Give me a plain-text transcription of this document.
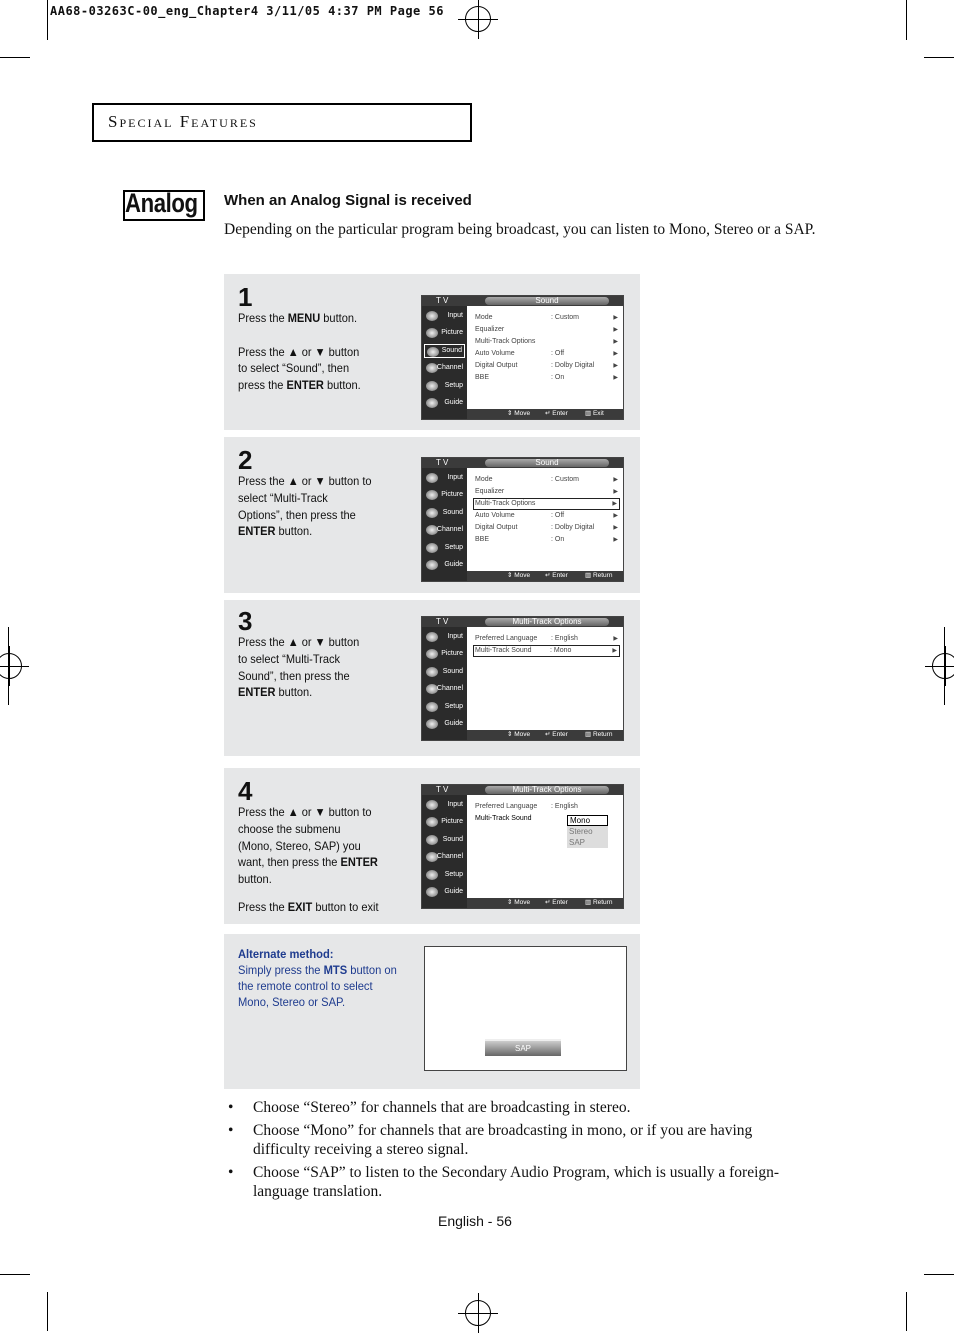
AA68-03263C-00_eng_Chapter4 3/11/05 4:37 PM Page 56
Special Features
Analog When an Analog Signal is received
Depending on the particular program being broadcast, you can listen to Mono, Stereo or a SAP.
1
Press the MENU button.

Press the ▲ or ▼ button
to select “Sound”, then
press the ENTER button.
T V	Sound
Input
Picture
Sound
Channel
Setup
Guide
Mode	: Custom	▶
Equalizer	▶
Multi-Track Options	▶
Auto Volume	: Off	▶
Digital Output	: Dolby Digital	▶
BBE	: On	▶
⇕ Move ↵ Enter	▥ Exit
2
Press the ▲ or ▼ button to
select “Multi-Track
Options”, then press the
ENTER button.
T V	Sound
Input
Picture
Sound
Channel
Setup
Guide
Mode	: Custom	▶
Equalizer	▶
Multi-Track Options	▶
Auto Volume	: Off	▶
Digital Output	: Dolby Digital	▶
BBE	: On	▶
⇕ Move ↵ Enter	▥ Return
3
Press the ▲ or ▼ button
to select “Multi-Track
Sound”, then press the
ENTER button.
T V	Multi-Track Options
Input
Picture
Sound
Channel
Setup
Guide
Preferred Language : English	▶
Multi-Track Sound	: Mono	▶
⇕ Move ↵ Enter	▥ Return
4
Press the ▲ or ▼ button to
choose the submenu
(Mono, Stereo, SAP) you
want, then press the ENTER
button.
Press the EXIT button to exit
T V	Multi-Track Options
Input
Picture
Sound
Channel
Setup
Guide
Preferred Language : English
Multi-Track Sound	Mono
Stereo
SAP
⇕ Move ↵ Enter	▥ Return
Alternate method:
Simply press the MTS button on the remote control to select Mono, Stereo or SAP.
SAP
• Choose “Stereo” for channels that are broadcasting in stereo.
• Choose “Mono” for channels that are broadcasting in mono, or if you are having difficulty receiving a stereo signal.
• Choose “SAP” to listen to the Secondary Audio Program, which is usually a foreign-language translation.
English - 56
